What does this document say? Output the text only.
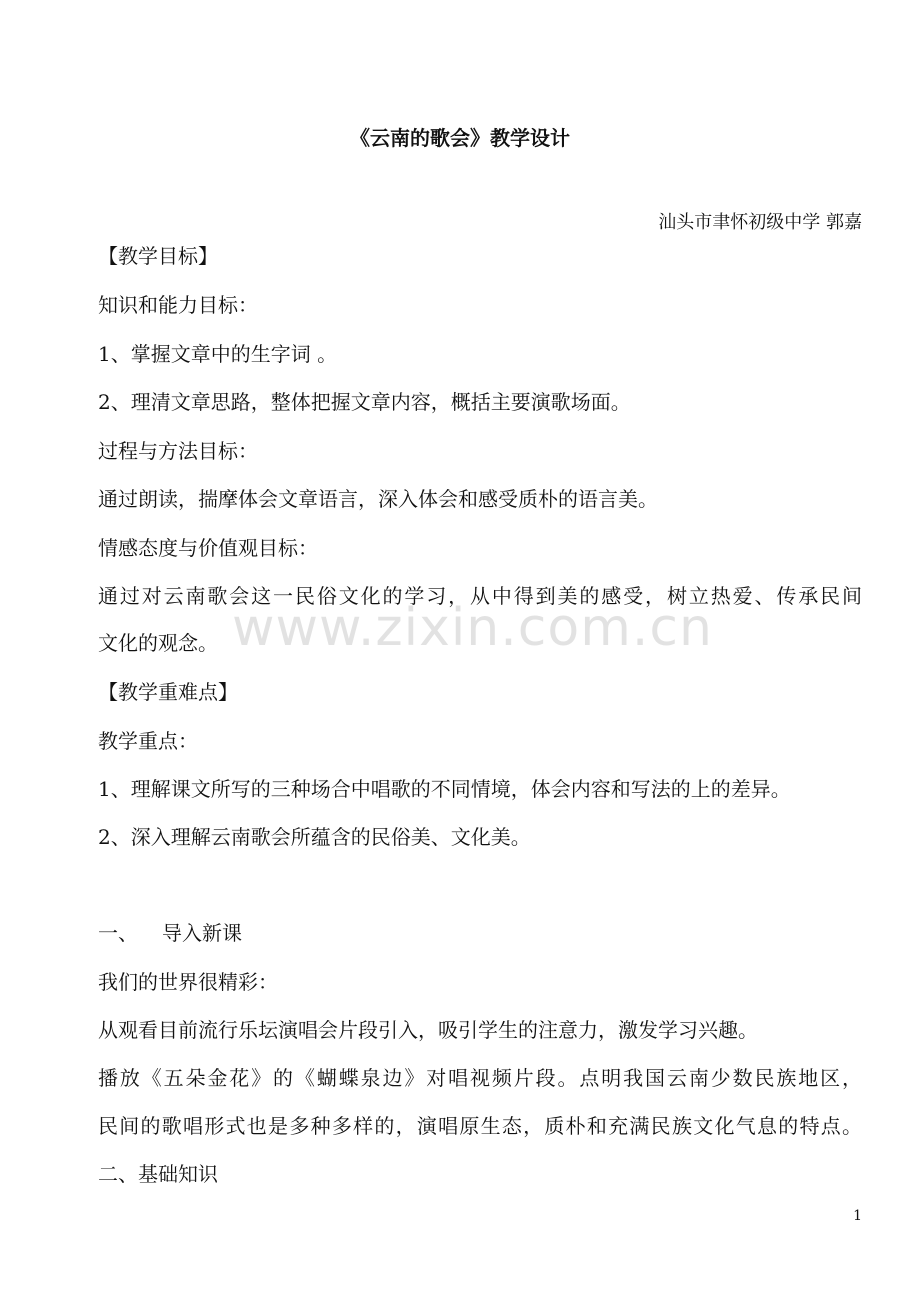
《云南的歌会》教学设计
汕头市聿怀初级中学 郭嘉
【教学目标】
知识和能力目标：
1、掌握文章中的生字词 。
2、理清文章思路，整体把握文章内容，概括主要演歌场面。
过程与方法目标：
通过朗读，揣摩体会文章语言，深入体会和感受质朴的语言美。
情感态度与价值观目标：
通过对云南歌会这一民俗文化的学习，从中得到美的感受，树立热爱、传承民间
文化的观念。
【教学重难点】
教学重点：
1、理解课文所写的三种场合中唱歌的不同情境，体会内容和写法的上的差异。
2、深入理解云南歌会所蕴含的民俗美、文化美。
一、 导入新课
我们的世界很精彩：
从观看目前流行乐坛演唱会片段引入，吸引学生的注意力，激发学习兴趣。
播放《五朵金花》的《蝴蝶泉边》对唱视频片段。点明我国云南少数民族地区，
民间的歌唱形式也是多种多样的，演唱原生态，质朴和充满民族文化气息的特点。
二、基础知识
www.zixin.com.cn
1
